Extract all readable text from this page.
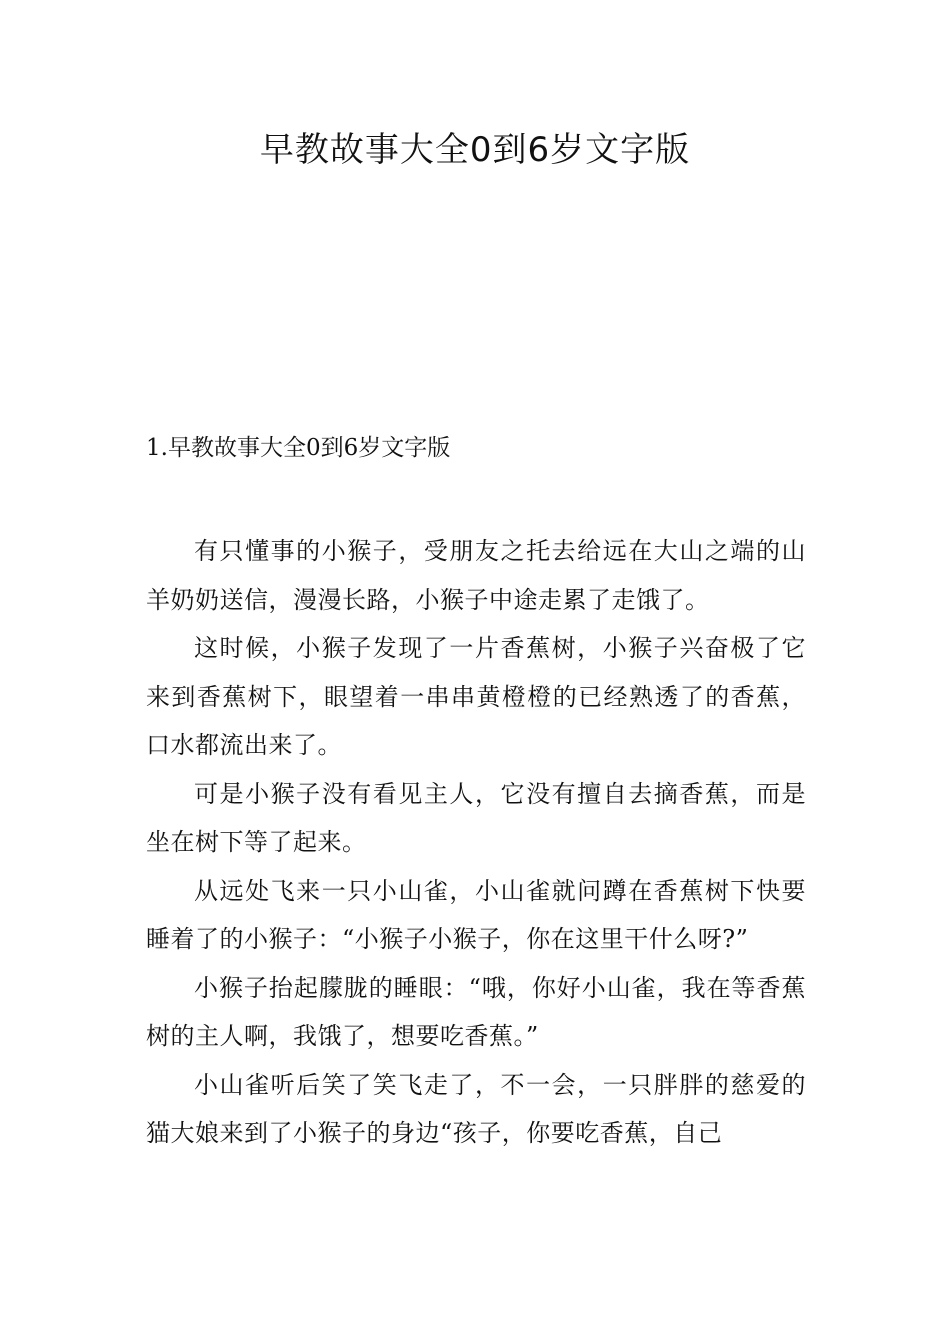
早教故事大全0到6岁文字版
1.早教故事大全0到6岁文字版

有只懂事的小猴子，受朋友之托去给远在大山之端的山羊奶奶送信，漫漫长路，小猴子中途走累了走饿了。

这时候，小猴子发现了一片香蕉树，小猴子兴奋极了它来到香蕉树下，眼望着一串串黄橙橙的已经熟透了的香蕉，口水都流出来了。

可是小猴子没有看见主人，它没有擅自去摘香蕉，而是坐在树下等了起来。

从远处飞来一只小山雀，小山雀就问蹲在香蕉树下快要睡着了的小猴子：“小猴子小猴子，你在这里干什么呀?”

小猴子抬起朦胧的睡眼：“哦，你好小山雀，我在等香蕉树的主人啊，我饿了，想要吃香蕉。”

小山雀听后笑了笑飞走了，不一会，一只胖胖的慈爱的猫大娘来到了小猴子的身边“孩子，你要吃香蕉，自己
